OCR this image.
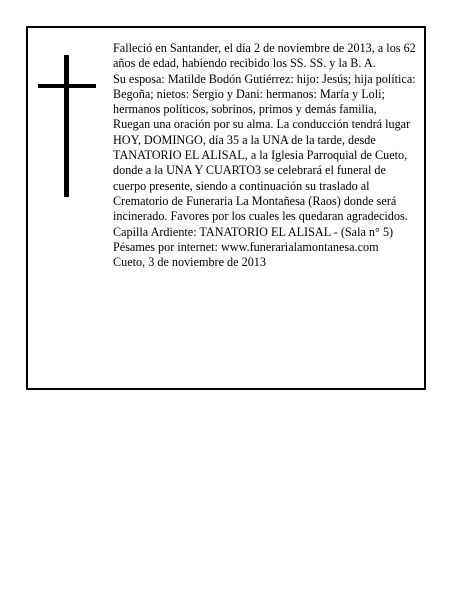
Falleció en Santander, el día 2 de noviembre de 2013, a los 62 años de edad, habiendo recibido los SS. SS. y la B. A.

Su esposa: Matilde Bodón Gutiérrez: hijo: Jesús; hija política: Begoña; nietos: Sergio y Dani: hermanos: María y Loli; hermanos políticos, sobrinos, primos y demás familia,

Ruegan una oración por su alma. La conducción tendrá lugar HOY, DOMINGO, día 35 a la UNA de la tarde, desde TANATORIO EL ALISAL, a la Iglesia Parroquial de Cueto, donde a la UNA Y CUARTO3 se celebrará el funeral de cuerpo presente, siendo a continuación su traslado al Crematorio de Funeraria La Montañesa (Raos) donde será incinerado. Favores por los cuales les quedaran agradecidos. Capilla Ardiente: TANATORIO EL ALISAL - (Sala n° 5)

Pésames por internet: www.funerarialamontanesa.com

Cueto, 3 de noviembre de 2013
